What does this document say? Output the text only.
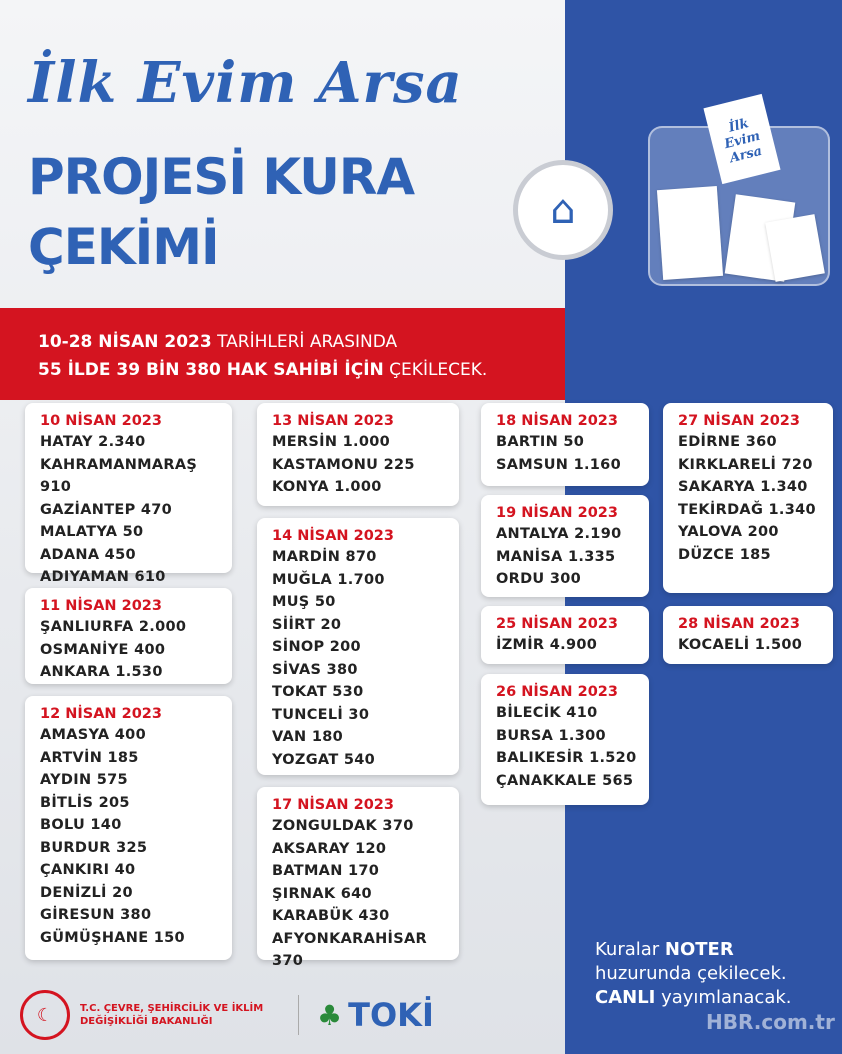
İlk Evim Arsa
PROJESİ KURA
ÇEKİMİ
⌂
İlk Evim Arsa
10-28 NİSAN 2023 TARİHLERİ ARASINDA
55 İLDE 39 BİN 380 HAK SAHİBİ İÇİN ÇEKİLECEK.
10 NİSAN 2023
HATAY 2.340
KAHRAMANMARAŞ 910
GAZİANTEP 470
MALATYA 50
ADANA 450
ADIYAMAN 610
11 NİSAN 2023
ŞANLIURFA 2.000
OSMANİYE 400
ANKARA 1.530
12 NİSAN 2023
AMASYA 400
ARTVİN 185
AYDIN 575
BİTLİS 205
BOLU 140
BURDUR 325
ÇANKIRI 40
DENİZLİ 20
GİRESUN 380
GÜMÜŞHANE 150
13 NİSAN 2023
MERSİN 1.000
KASTAMONU 225
KONYA 1.000
14 NİSAN 2023
MARDİN 870
MUĞLA 1.700
MUŞ 50
SİİRT 20
SİNOP 200
SİVAS 380
TOKAT 530
TUNCELİ 30
VAN 180
YOZGAT 540
17 NİSAN 2023
ZONGULDAK 370
AKSARAY 120
BATMAN 170
ŞIRNAK 640
KARABÜK 430
AFYONKARAHİSAR 370
18 NİSAN 2023
BARTIN 50
SAMSUN 1.160
19 NİSAN 2023
ANTALYA 2.190
MANİSA 1.335
ORDU 300
25 NİSAN 2023
İZMİR 4.900
26 NİSAN 2023
BİLECİK 410
BURSA 1.300
BALIKESİR 1.520
ÇANAKKALE 565
27 NİSAN 2023
EDİRNE 360
KIRKLARELİ 720
SAKARYA 1.340
TEKİRDAĞ 1.340
YALOVA 200
DÜZCE 185
28 NİSAN 2023
KOCAELİ 1.500
Kuralar NOTER
huzurunda çekilecek.
CANLI yayımlanacak.
HBR.com.tr
☾	T.C. ÇEVRE, ŞEHİRCİLİK VE İKLİM DEĞİŞİKLİĞİ BAKANLIĞI	♣ TOKİ
